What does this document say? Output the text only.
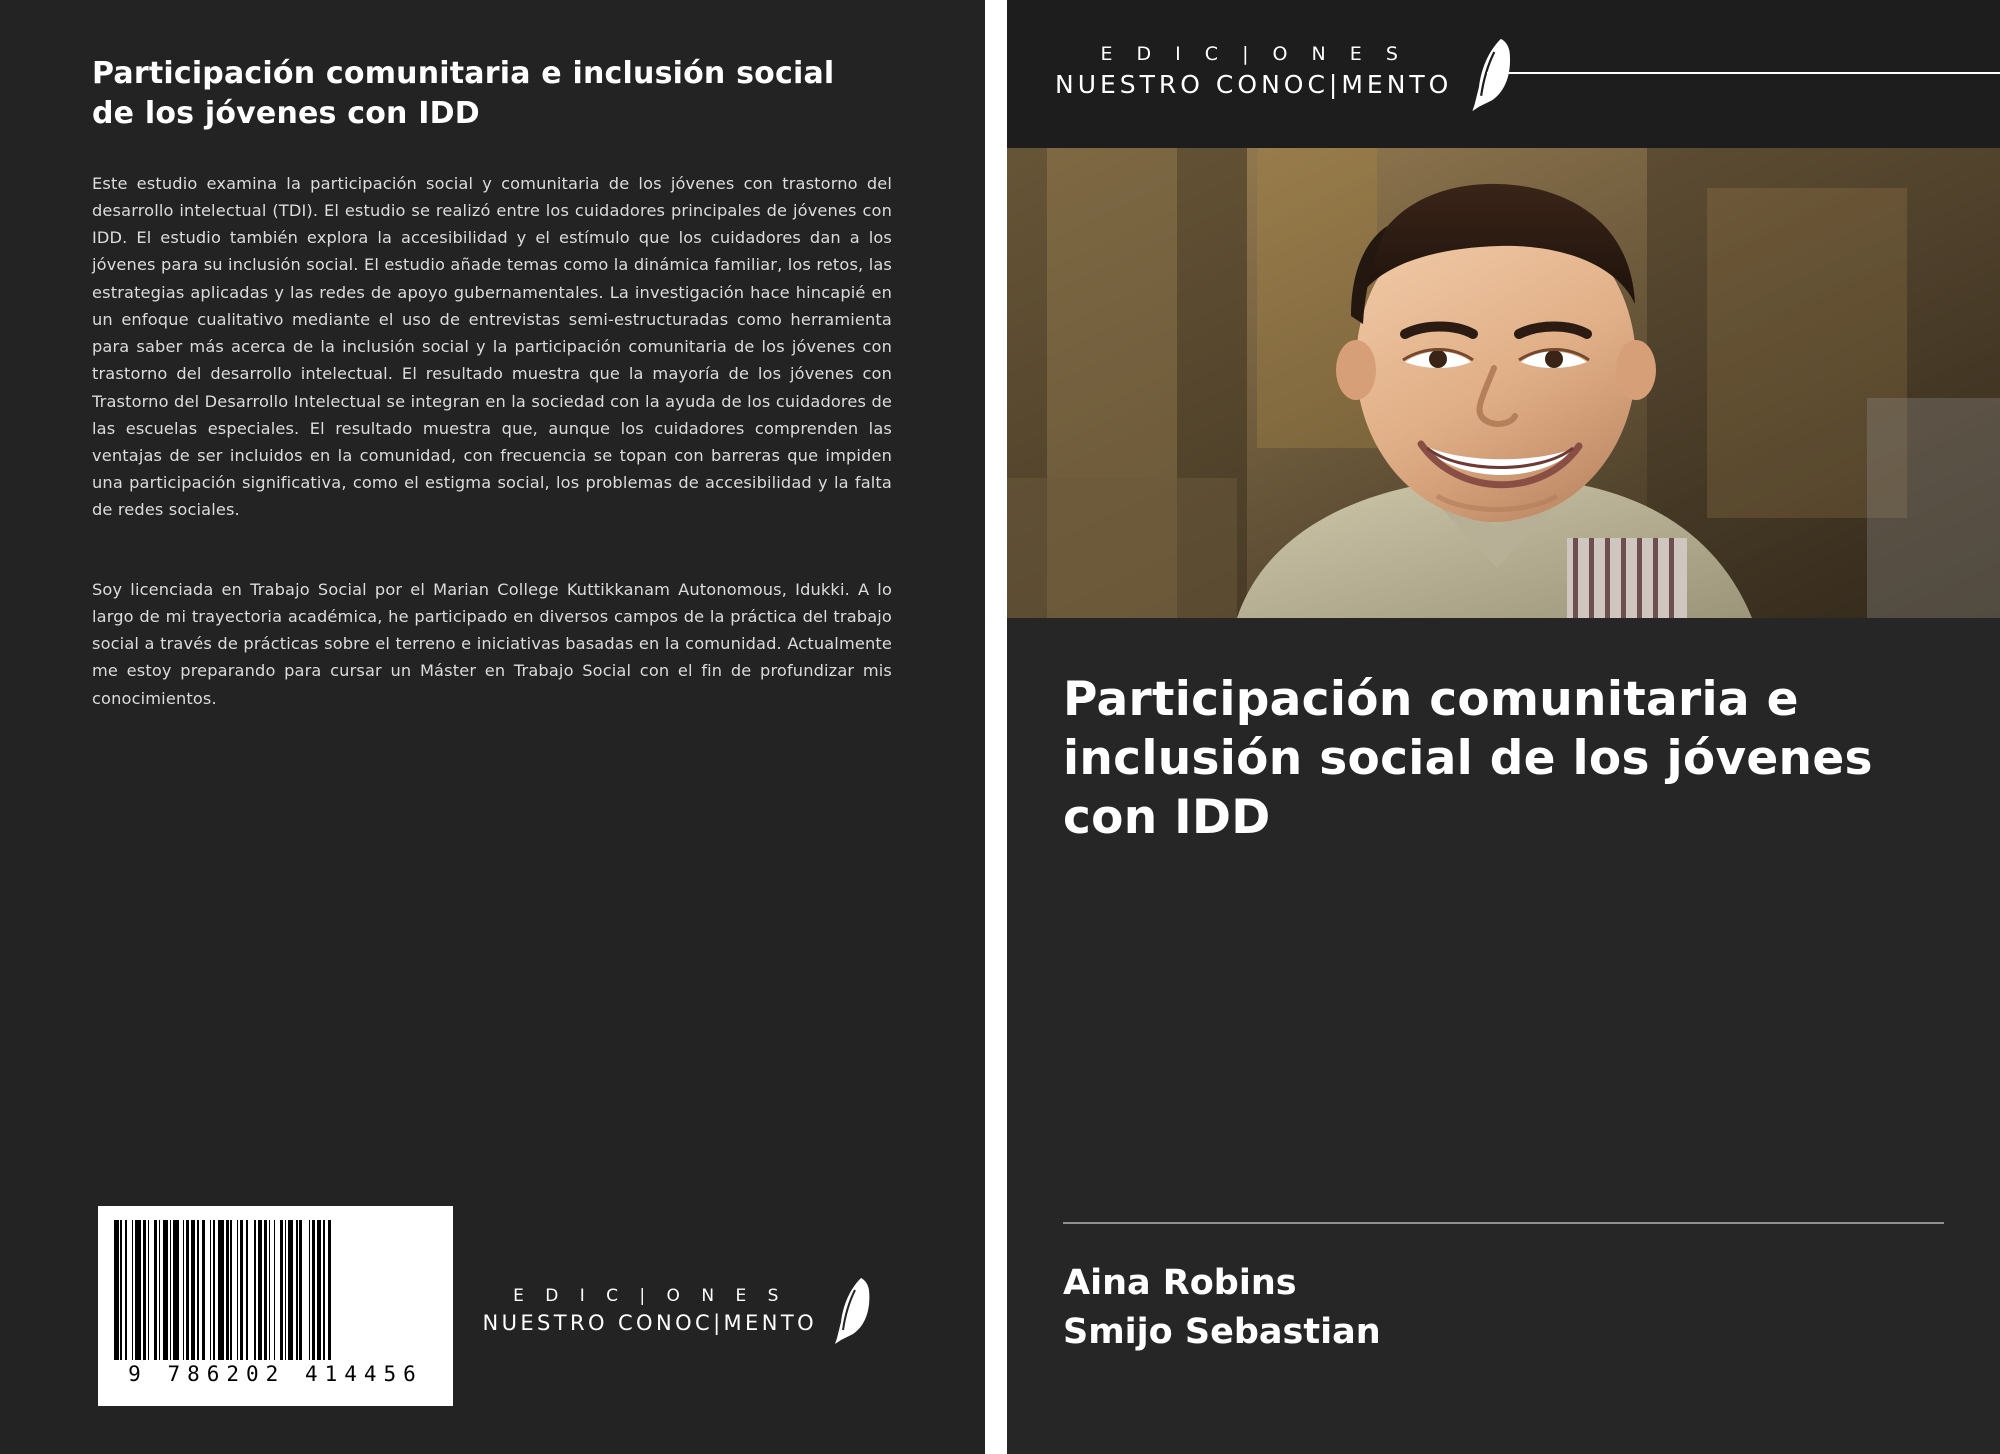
Participación comunitaria e inclusión social de los jóvenes con IDD

Este estudio examina la participación social y comunitaria de los jóvenes con trastorno del desarrollo intelectual (TDI). El estudio se realizó entre los cuidadores principales de jóvenes con IDD. El estudio también explora la accesibilidad y el estímulo que los cuidadores dan a los jóvenes para su inclusión social. El estudio añade temas como la dinámica familiar, los retos, las estrategias aplicadas y las redes de apoyo gubernamentales. La investigación hace hincapié en un enfoque cualitativo mediante el uso de entrevistas semi-estructuradas como herramienta para saber más acerca de la inclusión social y la participación comunitaria de los jóvenes con trastorno del desarrollo intelectual. El resultado muestra que la mayoría de los jóvenes con Trastorno del Desarrollo Intelectual se integran en la sociedad con la ayuda de los cuidadores de las escuelas especiales. El resultado muestra que, aunque los cuidadores comprenden las ventajas de ser incluidos en la comunidad, con frecuencia se topan con barreras que impiden una participación significativa, como el estigma social, los problemas de accesibilidad y la falta de redes sociales.

Soy licenciada en Trabajo Social por el Marian College Kuttikkanam Autonomous, Idukki. A lo largo de mi trayectoria académica, he participado en diversos campos de la práctica del trabajo social a través de prácticas sobre el terreno e iniciativas basadas en la comunidad. Actualmente me estoy preparando para cursar un Máster en Trabajo Social con el fin de profundizar mis conocimientos.

9 786202 414456
E D I C | O N E S
NUESTRO CONOC|MENTO
E D I C | O N E S
NUESTRO CONOC|MENTO
Participación comunitaria e inclusión social de los jóvenes con IDD
Aina Robins
Smijo Sebastian
